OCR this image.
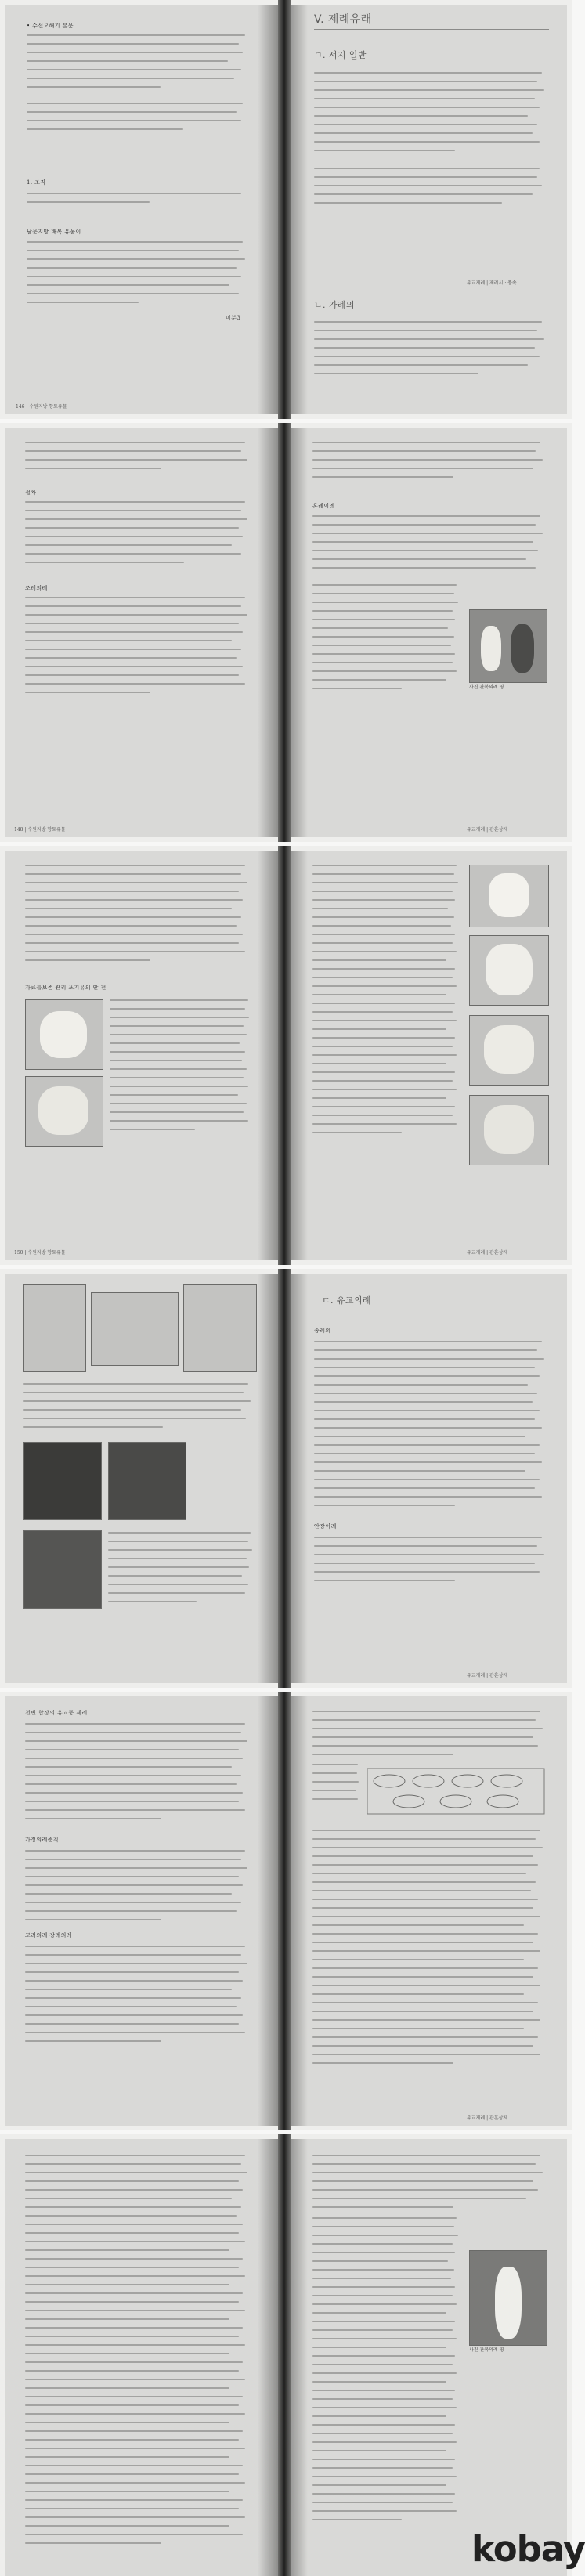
• 수선오해기 본문
1. 조직
남문지방 배복 유물이
미분3
146 | 수원지방 향토유물
V. 제례유래
ㄱ. 서지 일반
ㄴ. 가례의
유교제례 | 제례시 · 풍속
절차
조례의례
148 | 수원지방 향토유물
혼례이례
사진 관복의례 평
유교제례 | 관혼상제
자료를보존 관리 포기유의 안 전
150 | 수원지방 향토유물	유교제례 | 관혼상제
ㄷ. 유교의례
종례의
안장이례
유교제례 | 관혼상제
천변 합장의 유교풍 제례
가정의례준칙
고려의례 장례의례
유교제례 | 관혼상제
사진 관복의례 평
kobay
